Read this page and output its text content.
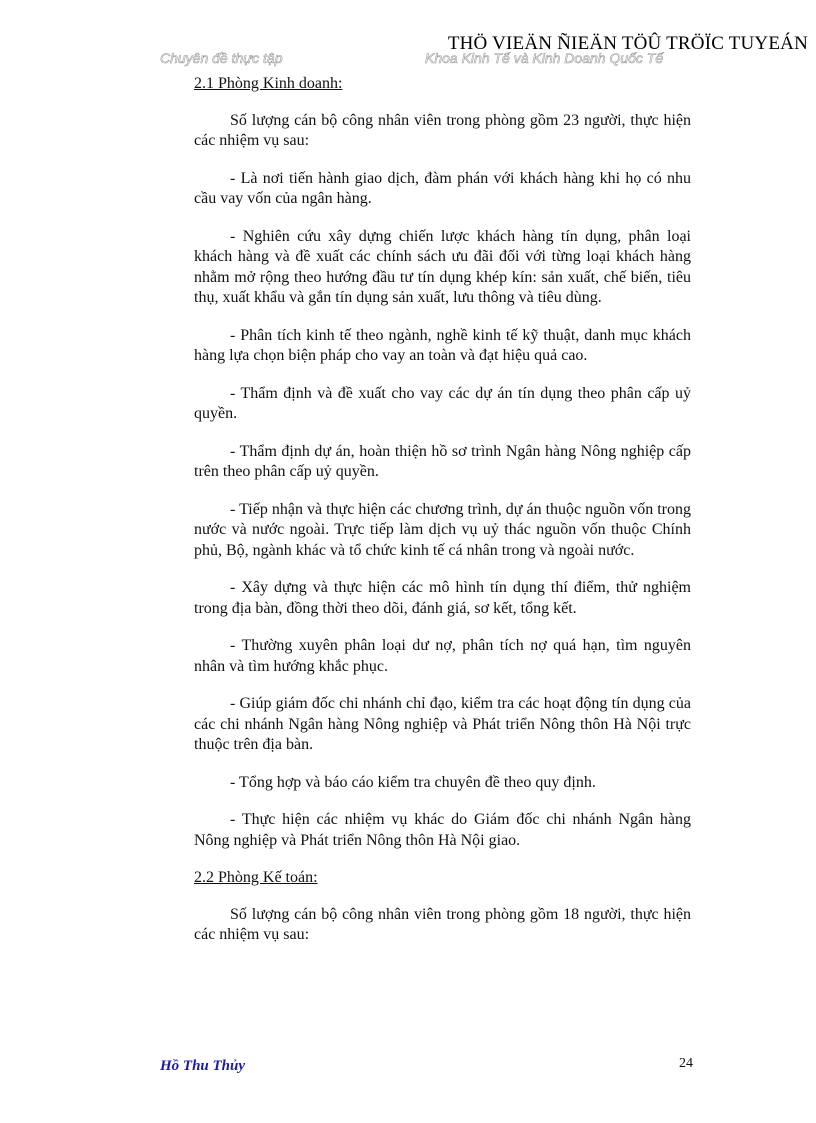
THÖ VIEÄN ÑIEÄN TÖÛ TRÖÏC TUYEÁN
Chuyên đề thực tập	Khoa Kinh Tế và Kinh Doanh Quốc Tế

2.1 Phòng Kinh doanh:

Số lượng cán bộ công nhân viên trong phòng gồm 23 người, thực hiện các nhiệm vụ sau:

- Là nơi tiến hành giao dịch, đàm phán với khách hàng khi họ có nhu cầu vay vốn của ngân hàng.

- Nghiên cứu xây dựng chiến lược khách hàng tín dụng, phân loại khách hàng và đề xuất các chính sách ưu đãi đối với từng loại khách hàng nhằm mở rộng theo hướng đầu tư tín dụng khép kín: sản xuất, chế biến, tiêu thụ, xuất khẩu và gắn tín dụng sản xuất, lưu thông và tiêu dùng.

- Phân tích kinh tế theo ngành, nghề kinh tế kỹ thuật, danh mục khách hàng lựa chọn biện pháp cho vay an toàn và đạt hiệu quả cao.

- Thẩm định và đề xuất cho vay các dự án tín dụng theo phân cấp uỷ quyền.

- Thẩm định dự án, hoàn thiện hồ sơ trình Ngân hàng Nông nghiệp cấp trên theo phân cấp uỷ quyền.

- Tiếp nhận và thực hiện các chương trình, dự án thuộc nguồn vốn trong nước và nước ngoài. Trực tiếp làm dịch vụ uỷ thác nguồn vốn thuộc Chính phủ, Bộ, ngành khác và tổ chức kinh tế cá nhân trong và ngoài nước.

- Xây dựng và thực hiện các mô hình tín dụng thí điểm, thử nghiệm trong địa bàn, đồng thời theo dõi, đánh giá, sơ kết, tổng kết.

- Thường xuyên phân loại dư nợ, phân tích nợ quá hạn, tìm nguyên nhân và tìm hướng khắc phục.

- Giúp giám đốc chi nhánh chỉ đạo, kiểm tra các hoạt động tín dụng của các chi nhánh Ngân hàng Nông nghiệp và Phát triển Nông thôn Hà Nội trực thuộc trên địa bàn.

- Tổng hợp và báo cáo kiểm tra chuyên đề theo quy định.

- Thực hiện các nhiệm vụ khác do Giám đốc chi nhánh Ngân hàng Nông nghiệp và Phát triển Nông thôn Hà Nội giao.

2.2 Phòng Kế toán:

Số lượng cán bộ công nhân viên trong phòng gồm 18 người, thực hiện các nhiệm vụ sau:

Hồ Thu Thủy	24
